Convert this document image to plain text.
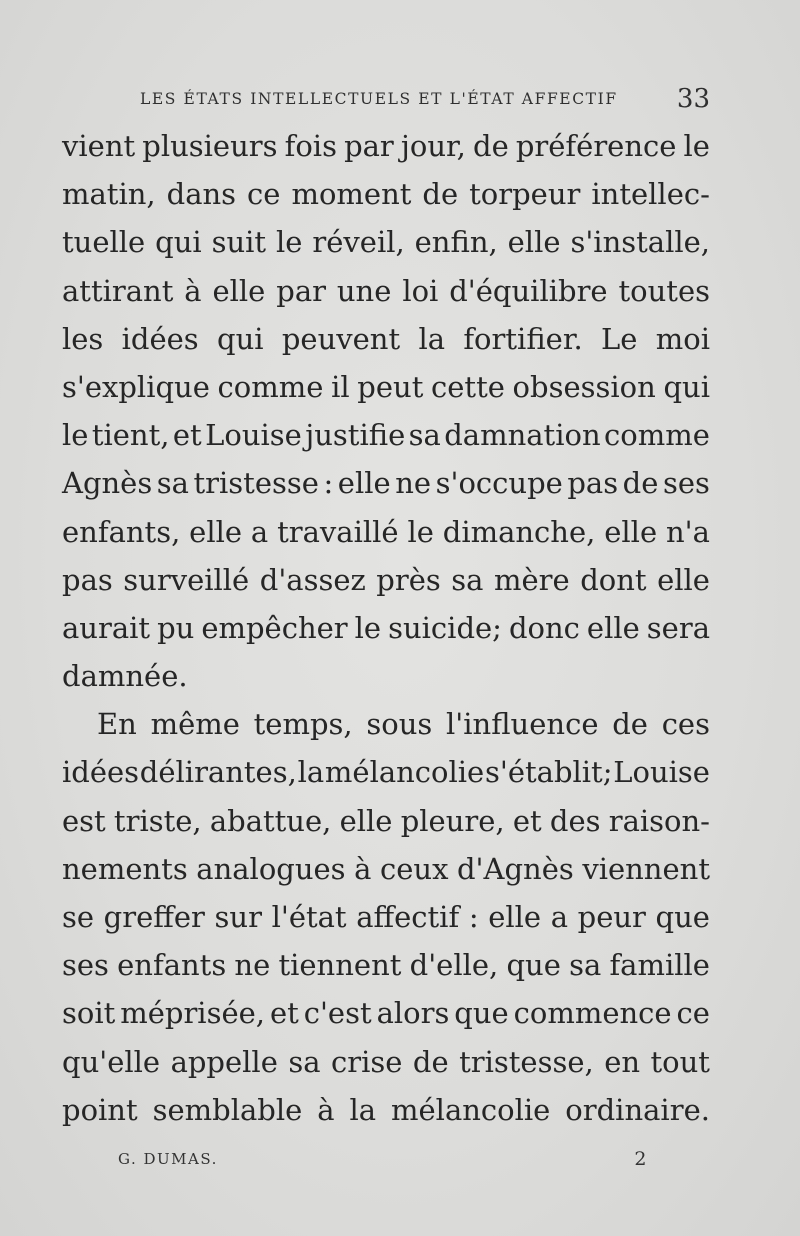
LES ÉTATS INTELLECTUELS ET L'ÉTAT AFFECTIF 33
vient plusieurs fois par jour, de préférence le
matin, dans ce moment de torpeur intellec-
tuelle qui suit le réveil, enfin, elle s'installe,
attirant à elle par une loi d'équilibre toutes
les idées qui peuvent la fortifier. Le moi
s'explique comme il peut cette obsession qui
le tient, et Louise justifie sa damnation comme
Agnès sa tristesse : elle ne s'occupe pas de ses
enfants, elle a travaillé le dimanche, elle n'a
pas surveillé d'assez près sa mère dont elle
aurait pu empêcher le suicide; donc elle sera
damnée.
En même temps, sous l'influence de ces
idées délirantes, la mélancolie s'établit; Louise
est triste, abattue, elle pleure, et des raison-
nements analogues à ceux d'Agnès viennent
se greffer sur l'état affectif : elle a peur que
ses enfants ne tiennent d'elle, que sa famille
soit méprisée, et c'est alors que commence ce
qu'elle appelle sa crise de tristesse, en tout
point semblable à la mélancolie ordinaire.
G. DUMAS.	2
